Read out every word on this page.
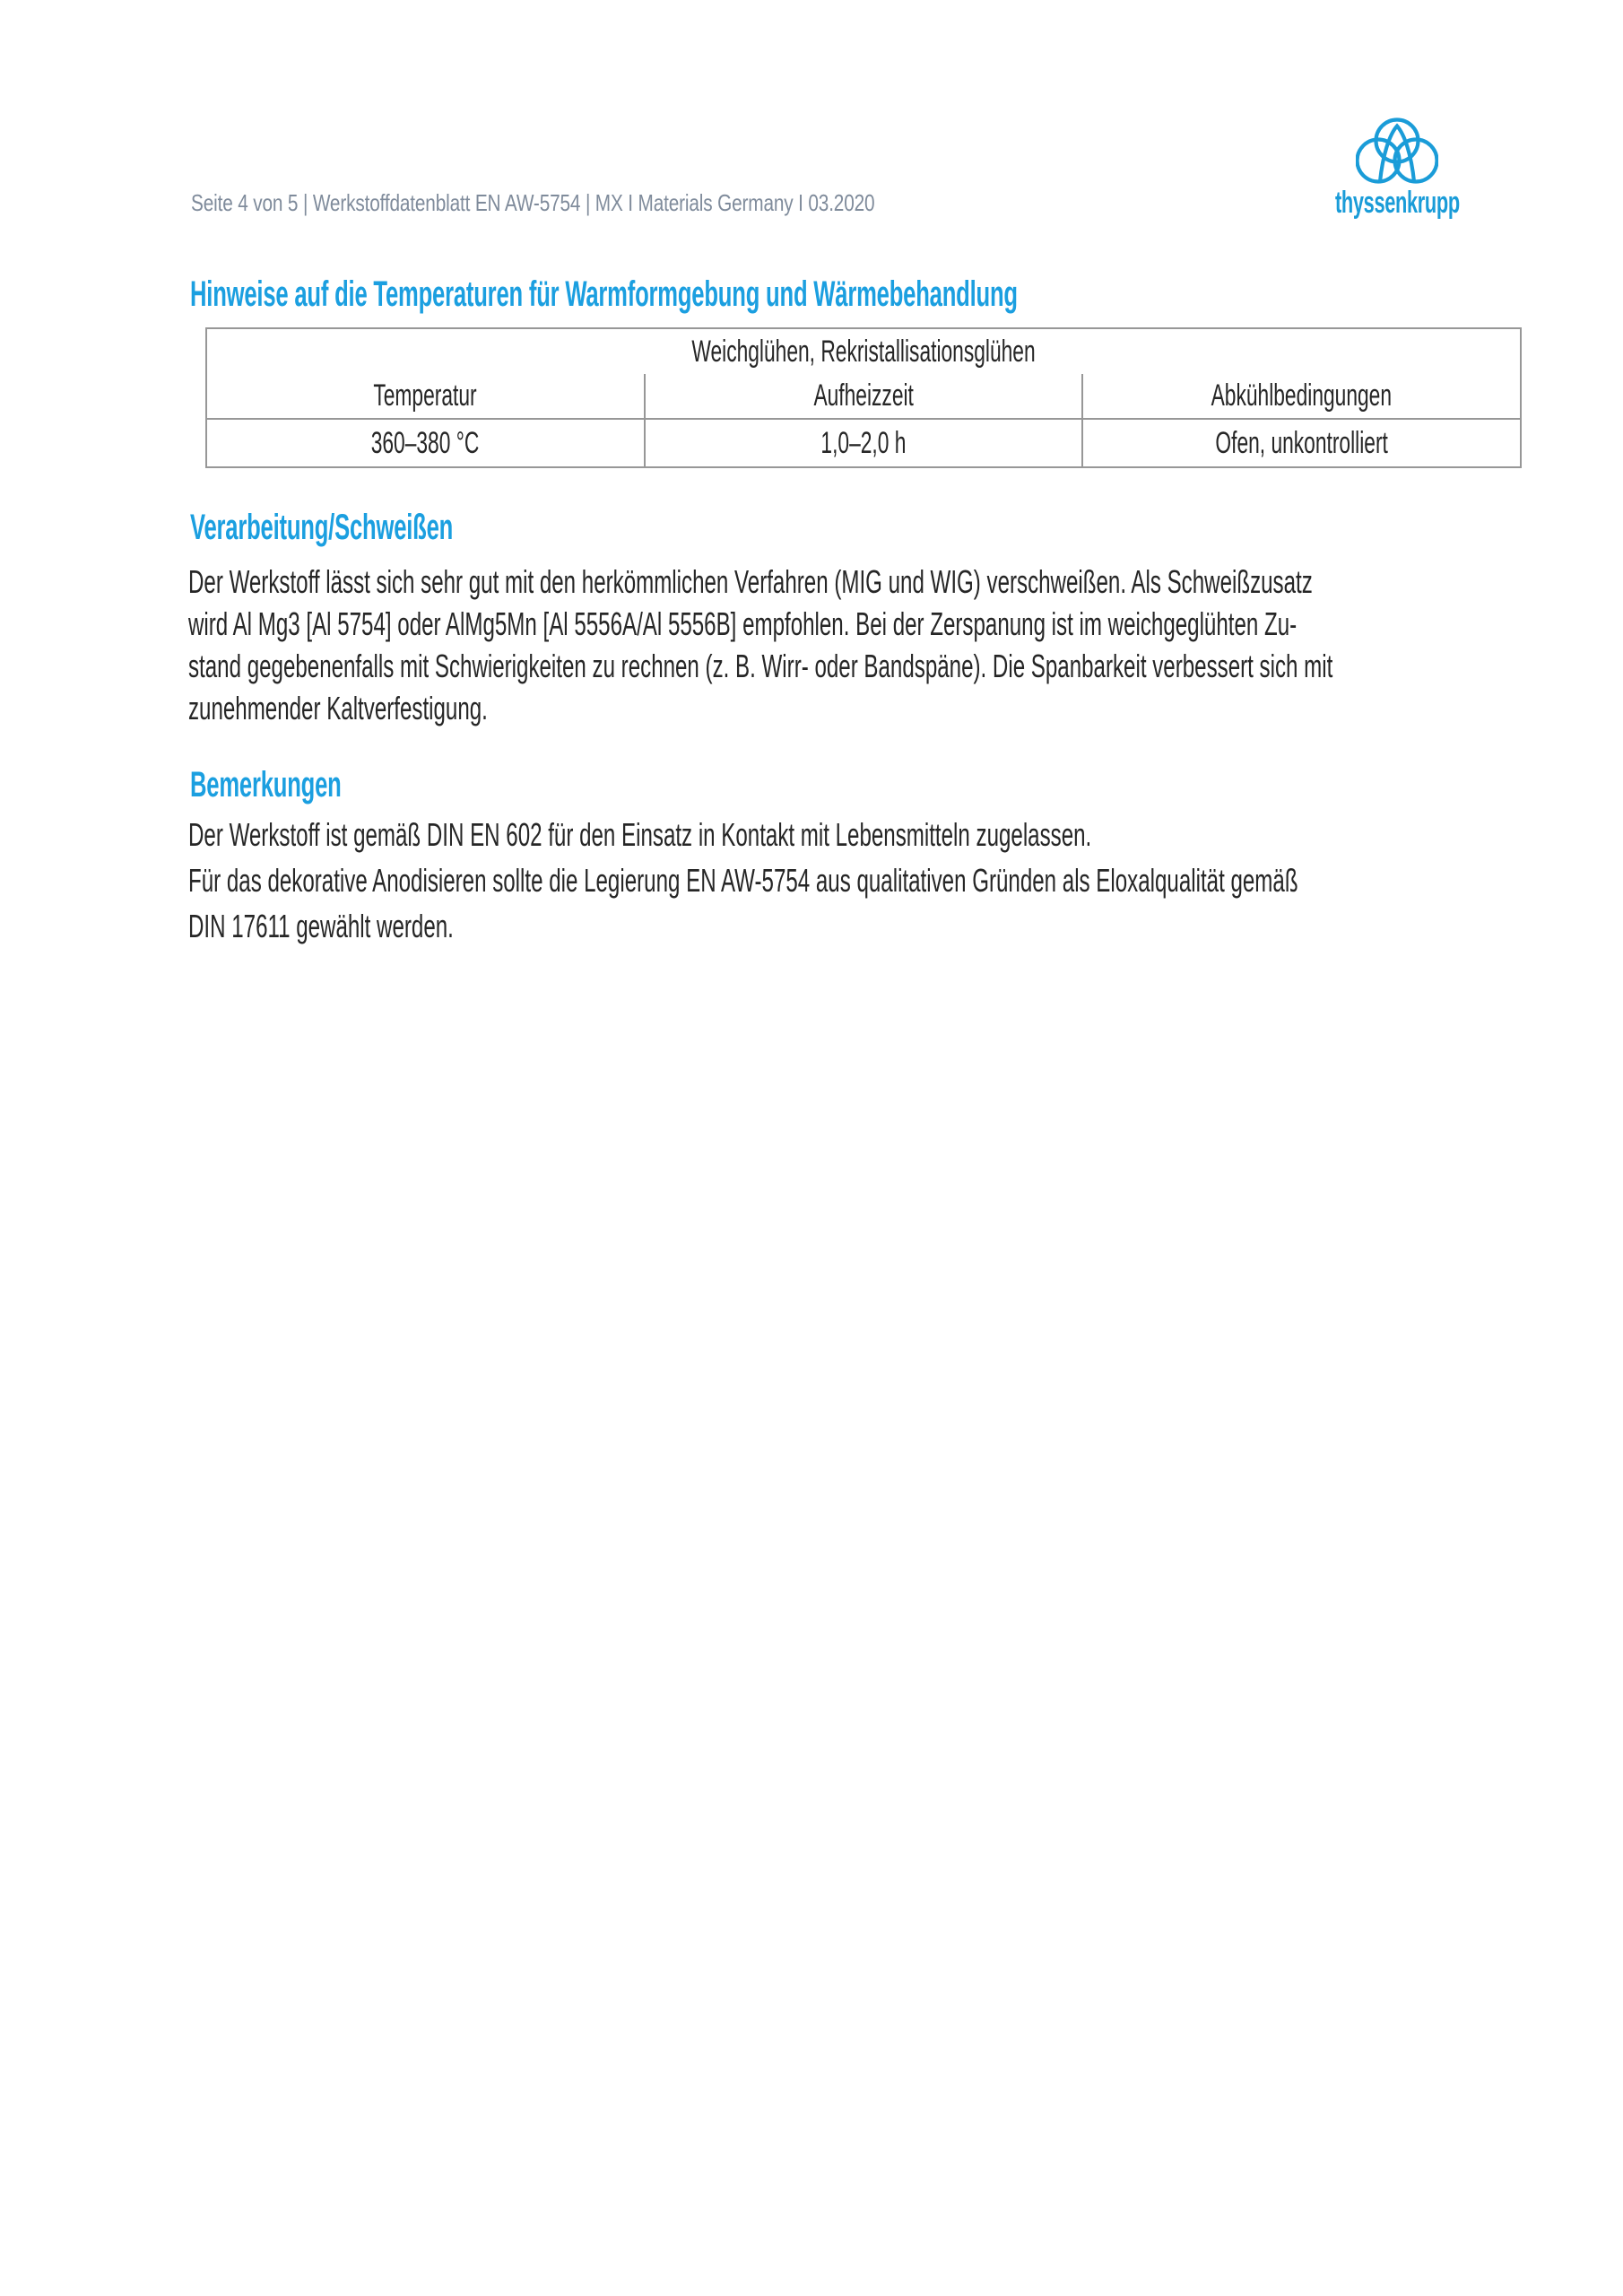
Seite 4 von 5 | Werkstoffdatenblatt EN AW-5754 | MX I Materials Germany I 03.2020	thyssenkrupp
Hinweise auf die Temperaturen für Warmformgebung und Wärmebehandlung
Weichglühen, Rekristallisationsglühen		
Temperatur	Aufheizzeit	Abkühlbedingungen
360–380 °C	1,0–2,0 h	Ofen, unkontrolliert
Verarbeitung/Schweißen
Der Werkstoff lässt sich sehr gut mit den herkömmlichen Verfahren (MIG und WIG) verschweißen. Als Schweißzusatz
wird Al Mg3 [Al 5754] oder AlMg5Mn [Al 5556A/Al 5556B] empfohlen. Bei der Zerspanung ist im weichgeglühten Zu-
stand gegebenenfalls mit Schwierigkeiten zu rechnen (z. B. Wirr- oder Bandspäne). Die Spanbarkeit verbessert sich mit
zunehmender Kaltverfestigung.
Bemerkungen
Der Werkstoff ist gemäß DIN EN 602 für den Einsatz in Kontakt mit Lebensmitteln zugelassen.
Für das dekorative Anodisieren sollte die Legierung EN AW-5754 aus qualitativen Gründen als Eloxalqualität gemäß
DIN 17611 gewählt werden.
